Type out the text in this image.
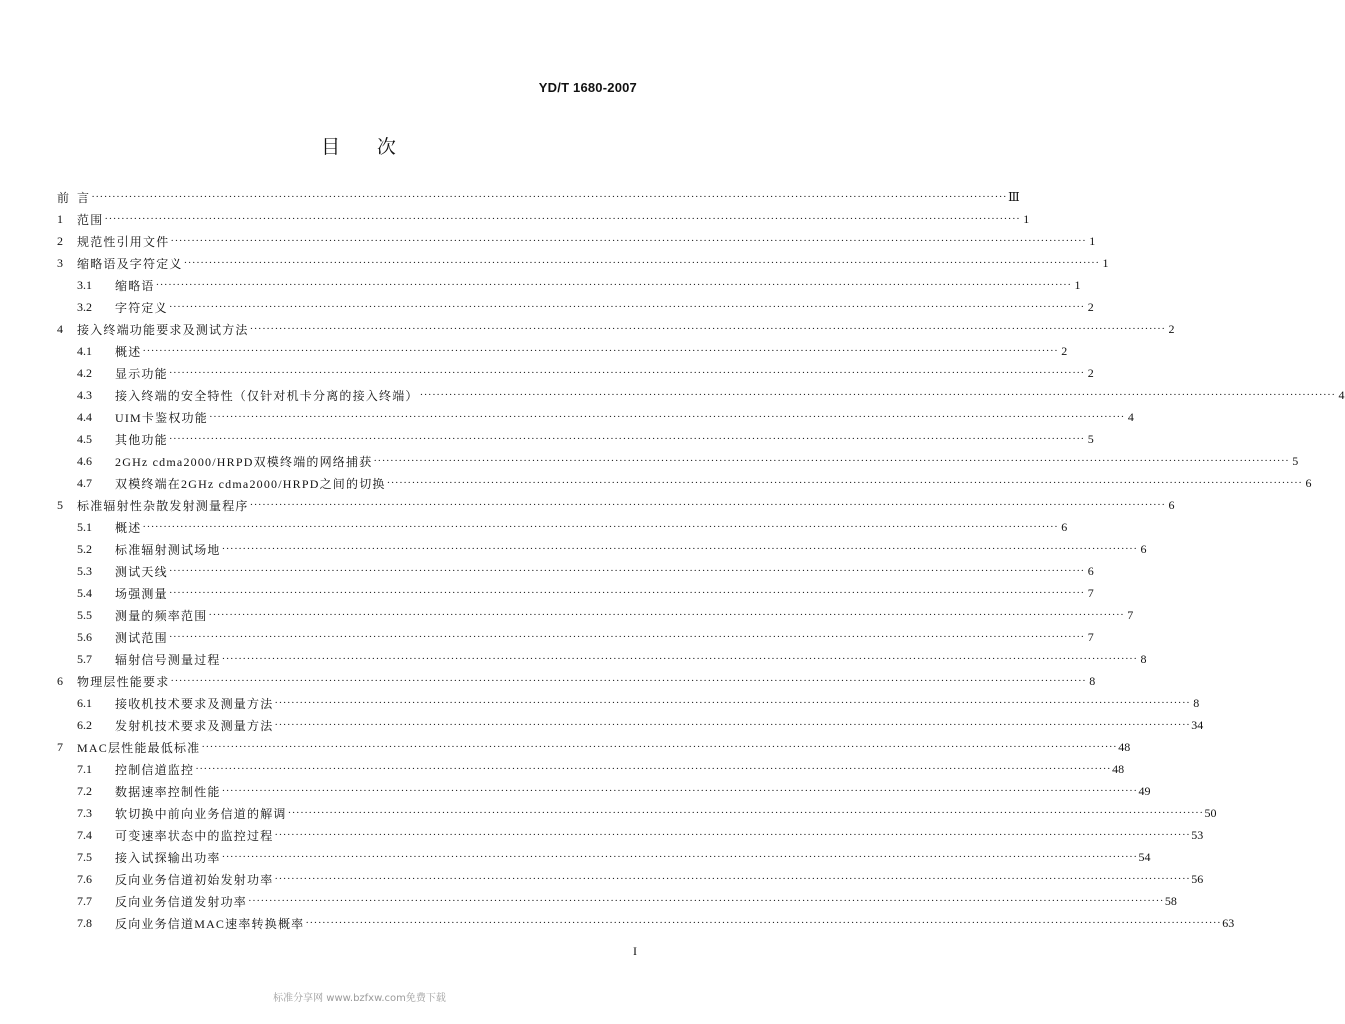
YD/T 1680-2007
目 次
前 言 ···························································································································································································································· Ⅲ
1	范围 ···························································································································································································································· 1
2	规范性引用文件 ···························································································································································································································· 1
3	缩略语及字符定义 ···························································································································································································································· 1
3.1	缩略语 ···························································································································································································································· 1
3.2	字符定义 ···························································································································································································································· 2
4	接入终端功能要求及测试方法 ···························································································································································································································· 2
4.1	概述 ···························································································································································································································· 2
4.2	显示功能 ···························································································································································································································· 2
4.3	接入终端的安全特性（仅针对机卡分离的接入终端） ···························································································································································································································· 4
4.4	UIM卡鉴权功能 ···························································································································································································································· 4
4.5	其他功能 ···························································································································································································································· 5
4.6	2GHz cdma2000/HRPD双模终端的网络捕获 ···························································································································································································································· 5
4.7	双模终端在2GHz cdma2000/HRPD之间的切换 ···························································································································································································································· 6
5	标准辐射性杂散发射测量程序 ···························································································································································································································· 6
5.1	概述 ···························································································································································································································· 6
5.2	标准辐射测试场地 ···························································································································································································································· 6
5.3	测试天线 ···························································································································································································································· 6
5.4	场强测量 ···························································································································································································································· 7
5.5	测量的频率范围 ···························································································································································································································· 7
5.6	测试范围 ···························································································································································································································· 7
5.7	辐射信号测量过程 ···························································································································································································································· 8
6	物理层性能要求 ···························································································································································································································· 8
6.1	接收机技术要求及测量方法 ···························································································································································································································· 8
6.2	发射机技术要求及测量方法 ···························································································································································································································· 34
7	MAC层性能最低标准 ···························································································································································································································· 48
7.1	控制信道监控 ···························································································································································································································· 48
7.2	数据速率控制性能 ···························································································································································································································· 49
7.3	软切换中前向业务信道的解调 ···························································································································································································································· 50
7.4	可变速率状态中的监控过程 ···························································································································································································································· 53
7.5	接入试探输出功率 ···························································································································································································································· 54
7.6	反向业务信道初始发射功率 ···························································································································································································································· 56
7.7	反向业务信道发射功率 ···························································································································································································································· 58
7.8	反向业务信道MAC速率转换概率 ···························································································································································································································· 63
I
标准分享网 www.bzfxw.com免费下载
